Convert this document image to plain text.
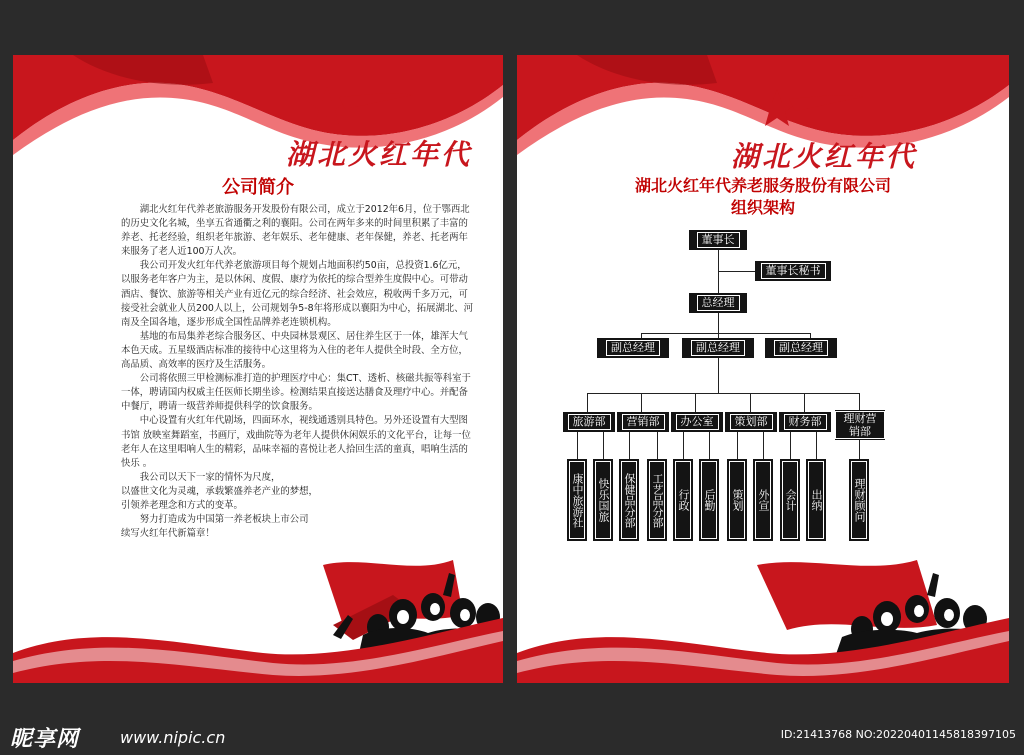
湖北火红年代
公司简介

湖北火红年代养老旅游服务开发股份有限公司，成立于2012年6月，位于鄂西北的历史文化名城，坐享五省通衢之利的襄阳。公司在两年多来的时间里积累了丰富的养老、托老经验，组织老年旅游、老年娱乐、老年健康、老年保健，养老、托老两年来服务了老人近100万人次。

我公司开发火红年代养老旅游项目每个规划占地面积约50亩，总投资1.6亿元，以服务老年客户为主，是以休闲、度假、康疗为依托的综合型养生度假中心。可带动酒店、餐饮、旅游等相关产业有近亿元的综合经济、社会效应，税收两千多万元，可接受社会就业人员200人以上，公司规划争5-8年将形成以襄阳为中心，拓展湖北、河南及全国各地，逐步形成全国性品牌养老连锁机构。

基地的布局集养老综合服务区、中央园林景观区、居住养生区于一体，雄浑大气本色天成。五星级酒店标准的接待中心这里将为入住的老年人提供全时段、全方位，高品质、高效率的医疗及生活服务。

公司将依照三甲检测标准打造的护理医疗中心：集CT、透析、核磁共振等科室于一体，聘请国内权威主任医师长期坐诊。检测结果直接送达膳食及理疗中心。并配备中餐厅，聘请一级营养师提供科学的饮食服务。

中心设置有火红年代剧场，四面环水，视线通透别具特色。另外还设置有大型图书馆 放映室舞蹈室，书画厅，戏曲院等为老年人提供休闲娱乐的文化平台，让每一位老年人在这里唱响人生的精彩，品味幸福的喜悦让老人拾回生活的童真，唱响生活的快乐 。

我公司以天下一家的情怀为尺度，

以盛世文化为灵魂，承载繁盛养老产业的梦想，

引领养老理念和方式的变革。

努力打造成为中国第一养老板块上市公司

续写火红年代新篇章！

湖北火红年代
湖北火红年代养老服务股份有限公司
组织架构
董事长
董事长秘书
总经理
副总经理	副总经理	副总经理
旅游部	营销部	办公室	策划部	财务部	理财营销部
康中旅游社 快乐国旅 保健品分部 工艺品分部 行政 后勤 策划 外宣 会计 出纳	理财顾问
昵享网	www.nipic.cn	ID:21413768 NO:20220401145818397105
